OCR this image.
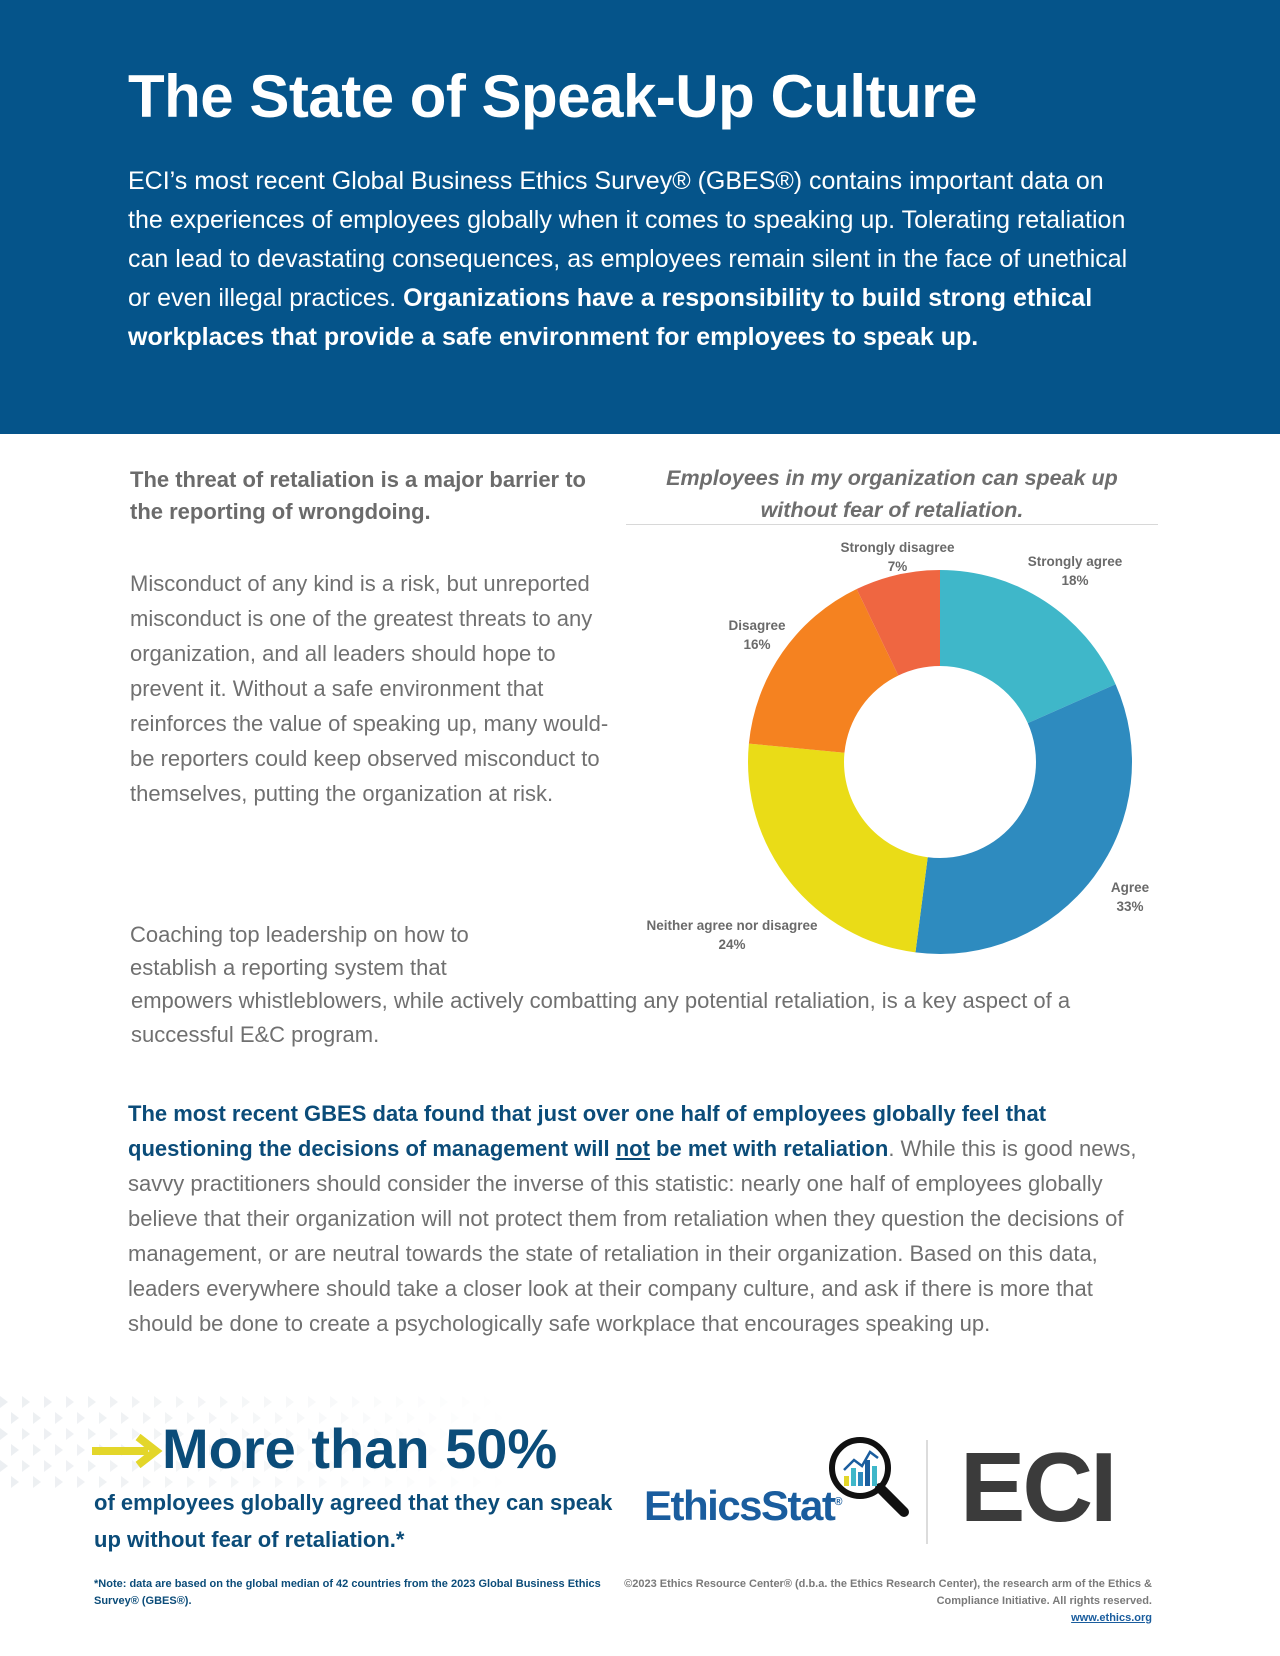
The State of Speak-Up Culture

ECI’s most recent Global Business Ethics Survey® (GBES®) contains important data on the experiences of employees globally when it comes to speaking up. Tolerating retaliation can lead to devastating consequences, as employees remain silent in the face of unethical or even illegal practices. Organizations have a responsibility to build strong ethical workplaces that provide a safe environment for employees to speak up.

The threat of retaliation is a major barrier to the reporting of wrongdoing.

Misconduct of any kind is a risk, but unreported misconduct is one of the greatest threats to any organization, and all leaders should hope to prevent it. Without a safe environment that reinforces the value of speaking up, many would-be reporters could keep observed misconduct to themselves, putting the organization at risk.

Coaching top leadership on how to establish a reporting system that

empowers whistleblowers, while actively combatting any potential retaliation, is a key aspect of a successful E&C program.

Employees in my organization can speak up without fear of retaliation.
Strongly agree
18%
Agree
33%
Neither agree nor disagree
24%
Disagree
16%
Strongly disagree
7%

The most recent GBES data found that just over one half of employees globally feel that questioning the decisions of management will not be met with retaliation. While this is good news, savvy practitioners should consider the inverse of this statistic: nearly one half of employees globally believe that their organization will not protect them from retaliation when they question the decisions of management, or are neutral towards the state of retaliation in their organization. Based on this data, leaders everywhere should take a closer look at their company culture, and ask if there is more that should be done to create a psychologically safe workplace that encourages speaking up.

More than 50%
of employees globally agreed that they can speak up without fear of retaliation.*
*Note: data are based on the global median of 42 countries from the 2023 Global Business Ethics Survey® (GBES®).
EthicsStat® ECI
©2023 Ethics Resource Center® (d.b.a. the Ethics Research Center), the research arm of the Ethics & Compliance Initiative. All rights reserved.
www.ethics.org
